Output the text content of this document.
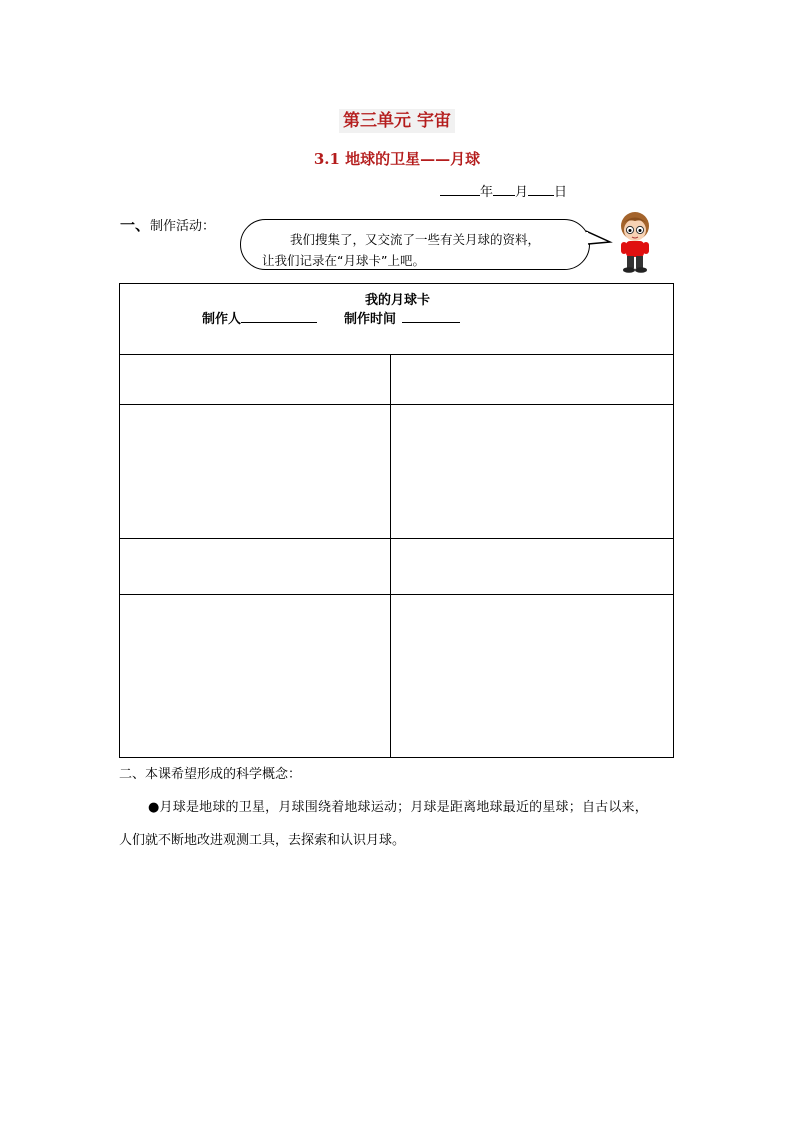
第三单元 宇宙
3.1 地球的卫星——月球
年 月 日
一、制作活动：
我们搜集了，又交流了一些有关月球的资料，
让我们记录在“月球卡”上吧。
我的月球卡
制作人	制作时间
二、本课希望形成的科学概念：
●月球是地球的卫星，月球围绕着地球运动；月球是距离地球最近的星球；自古以来，
人们就不断地改进观测工具，去探索和认识月球。
